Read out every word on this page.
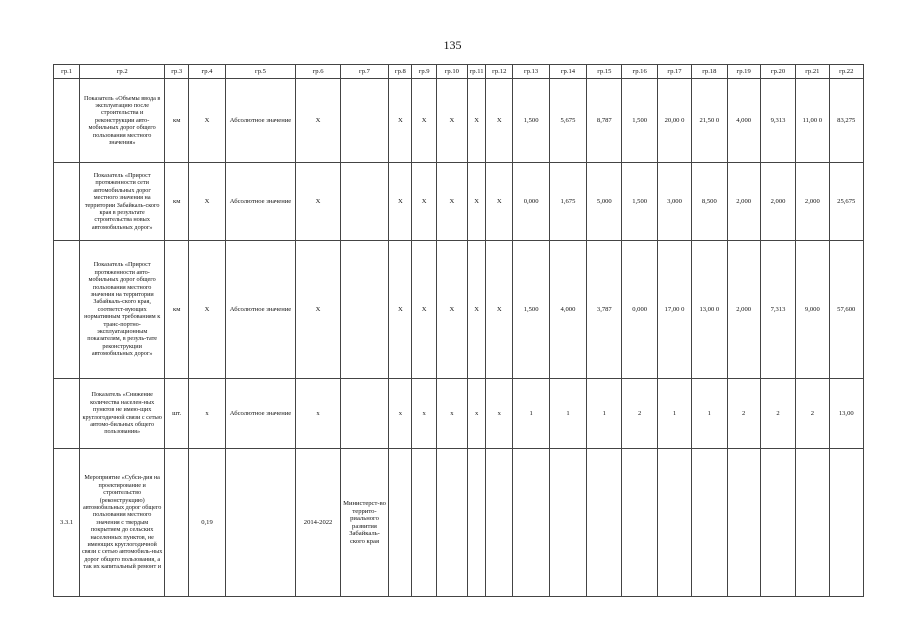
135
гр.1	гр.2	гр.3	гр.4	гр.5	гр.6	гр.7	гр.8	гр.9	гр.10	гр.11	гр.12	гр.13	гр.14	гр.15	гр.16	гр.17	гр.18	гр.19	гр.20	гр.21	гр.22
	Показатель «Объемы ввода в эксплуатацию после строительства и реконструкции авто-мобильных дорог общего пользования местного значения»	км	X	Абсолютное значение	X		X	X	X	X	X	1,500	5,675	8,787	1,500	20,00 0	21,50 0	4,000	9,313	11,00 0	83,275
	Показатель «Прирост протяженности сети автомобильных дорог местного значения на территории Забайкаль-ского края в результате строительства новых автомобильных дорог»	км	X	Абсолютное значение	X		X	X	X	X	X	0,000	1,675	5,000	1,500	3,000	8,500	2,000	2,000	2,000	25,675
	Показатель «Прирост протяженности авто-мобильных дорог общего пользования местного значения на территории Забайкаль-ского края, соответст-вующих нормативным требованиям к транс-портно-эксплуатационным показателям, в резуль-тате реконструкции автомобильных дорог»	км	X	Абсолютное значение	X		X	X	X	X	X	1,500	4,000	3,787	0,000	17,00 0	13,00 0	2,000	7,313	9,000	57,600
	Показатель «Снижение количества населен-ных пунктов не имею-щих круглогодичной связи с сетью автомо-бильных общего пользования»	шт.	x	Абсолютное значение	x		x	x	x	x	x	1	1	1	2	1	1	2	2	2	13,00
3.3.1	Мероприятие «Субси-дия на проектирование и строительство (реконструкцию) автомобильных дорог общего пользования местного значения с твердым покрытием до сельских населенных пунктов, не имеющих круглогодичной связи с сетью автомобиль-ных дорог общего пользования, а так их капитальный ремонт и		0,19		2014-2022	Министерст-во террито-риального развития Забайкаль-ского края															
